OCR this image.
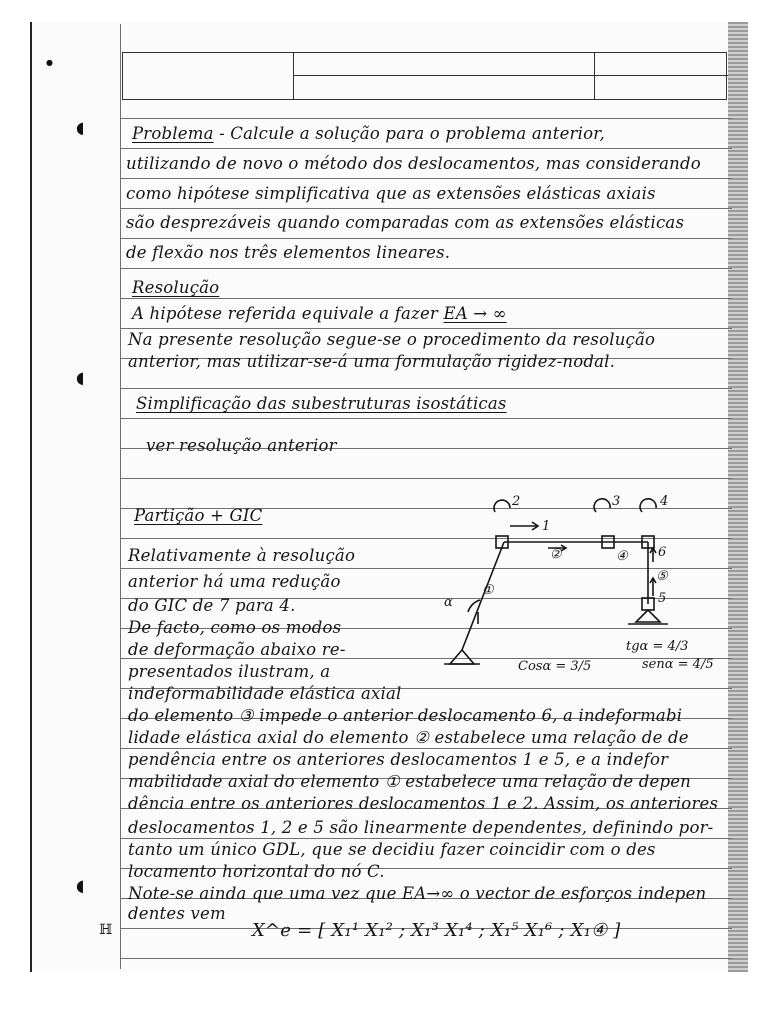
◖
◖
◖
●
Problema - Calcule a solução para o problema anterior,
utilizando de novo o método dos deslocamentos, mas considerando
como hipótese simplificativa que as extensões elásticas axiais
são desprezáveis quando comparadas com as extensões elásticas
de flexão nos três elementos lineares.
Resolução
A hipótese referida equivale a fazer EA → ∞
Na presente resolução segue-se o procedimento da resolução
anterior, mas utilizar-se-á uma formulação rigidez-nodal.
Simplificação das subestruturas isostáticas
ver resolução anterior
Partição + GIC
Relativamente à resolução
anterior há uma redução
do GIC de 7 para 4.
De facto, como os modos
de deformação abaixo re-
presentados ilustram, a
indeformabilidade elástica axial
do elemento ③ impede o anterior deslocamento 6, a indeformabi
lidade elástica axial do elemento ② estabelece uma relação de de
pendência entre os anteriores deslocamentos 1 e 5, e a indefor
mabilidade axial do elemento ① estabelece uma relação de depen
dência entre os anteriores deslocamentos 1 e 2. Assim, os anteriores
deslocamentos 1, 2 e 5 são linearmente dependentes, definindo por-
tanto um único GDL, que se decidiu fazer coincidir com o des
locamento horizontal do nó C.
Note-se ainda que uma vez que EA→∞ o vector de esforços indepen
dentes vem
X^e = [ X₁¹ X₁² ; X₁³ X₁⁴ ; X₁⁵ X₁⁶ ; X₁④ ]
ℍ
1
2	3	4
5
6
①
②	④
⑤
α
tgα = 4/3
Cosα = 3/5	senα = 4/5
